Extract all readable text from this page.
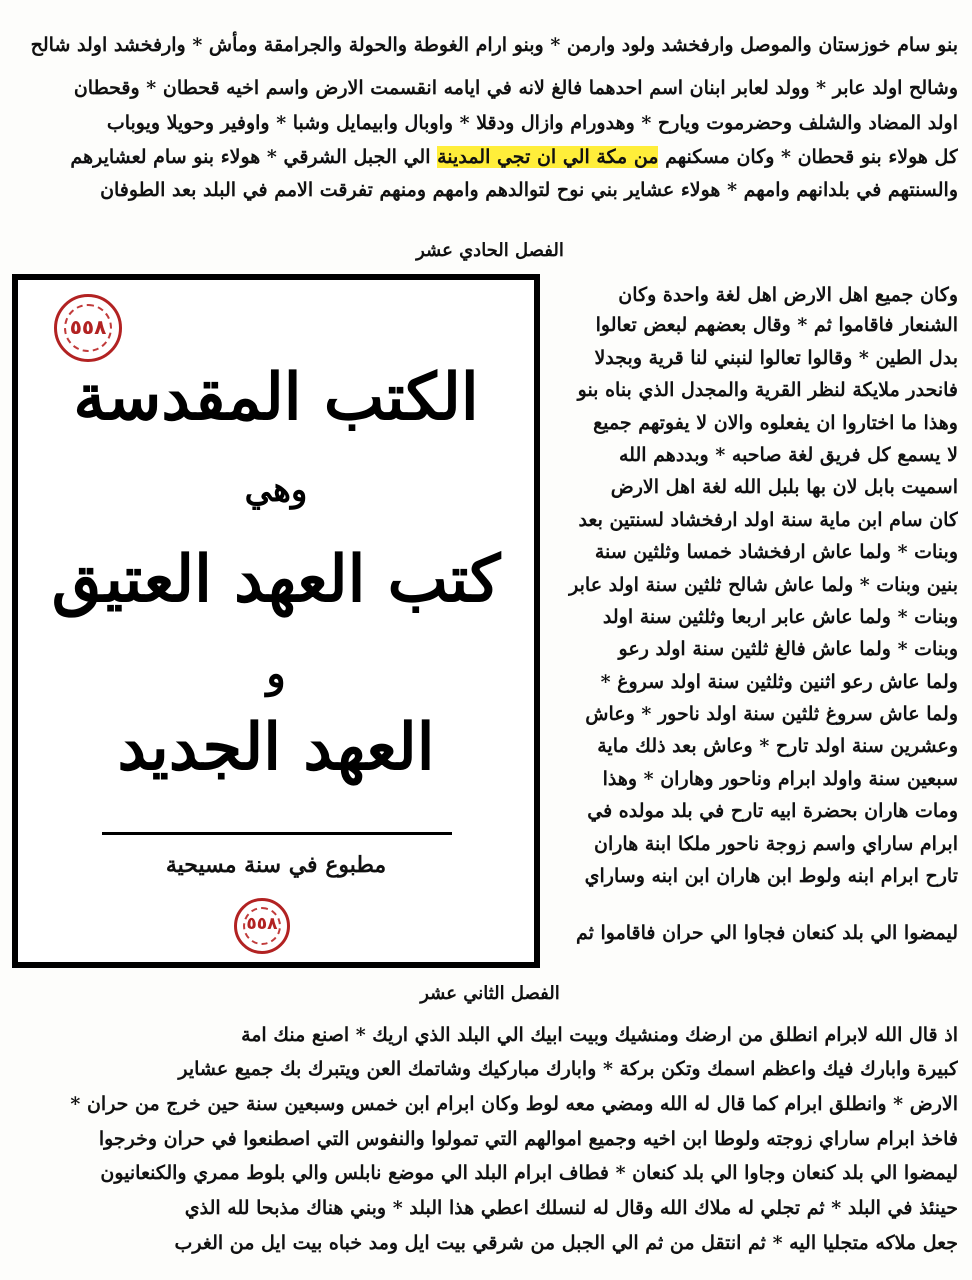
بنو سام خوزستان والموصل وارفخشد ولود وارمن * وبنو ارام الغوطة والحولة والجرامقة ومأش * وارفخشد اولد شالح
وشالح اولد عابر * وولد لعابر ابنان اسم احدهما فالغ لانه في ايامه انقسمت الارض واسم اخيه قحطان * وقحطان
اولد المضاد والشلف وحضرموت ويارح * وهدورام وازال ودقلا * واوبال وابيمايل وشبا * واوفير وحويلا ويوباب
كل هولاء بنو قحطان * وكان مسكنهم من مكة الي ان تجي المدينة الي الجبل الشرقي * هولاء بنو سام لعشايرهم
والسنتهم في بلدانهم وامهم * هولاء عشاير بني نوح لتوالدهم وامهم ومنهم تفرقت الامم في البلد بعد الطوفان
الفصل الحادي عشر
وكان جميع اهل الارض اهل لغة واحدة وكان
الشنعار فاقاموا ثم * وقال بعضهم لبعض تعالوا
بدل الطين * وقالوا تعالوا لنبني لنا قرية وبجدلا
فانحدر ملايكة لنظر القرية والمجدل الذي بناه بنو
وهذا ما اختاروا ان يفعلوه والان لا يفوتهم جميع
لا يسمع كل فريق لغة صاحبه * وبددهم الله
اسميت بابل لان بها بلبل الله لغة اهل الارض
كان سام ابن ماية سنة اولد ارفخشاد لسنتين بعد
وبنات * ولما عاش ارفخشاد خمسا وثلثين سنة
بنين وبنات * ولما عاش شالح ثلثين سنة اولد عابر
وبنات * ولما عاش عابر اربعا وثلثين سنة اولد
وبنات * ولما عاش فالغ ثلثين سنة اولد رعو
ولما عاش رعو اثنين وثلثين سنة اولد سروغ *
ولما عاش سروغ ثلثين سنة اولد ناحور * وعاش
وعشرين سنة اولد تارح * وعاش بعد ذلك ماية
سبعين سنة واولد ابرام وناحور وهاران * وهذا
ومات هاران بحضرة ابيه تارح في بلد مولده في
ابرام ساراي واسم زوجة ناحور ملكا ابنة هاران
تارح ابرام ابنه ولوط ابن هاران ابن ابنه وساراي
ليمضوا الي بلد كنعان فجاوا الي حران فاقاموا ثم
٥٥٨
الكتب المقدسة
وهي
كتب العهد العتيق
و
العهد الجديد
مطبوع في سنة مسيحية
٥٥٨
الفصل الثاني عشر
اذ قال الله لابرام انطلق من ارضك ومنشيك وبيت ابيك الي البلد الذي اريك * اصنع منك امة
كبيرة وابارك فيك واعظم اسمك وتكن بركة * وابارك مباركيك وشاتمك العن ويتبرك بك جميع عشاير
الارض * وانطلق ابرام كما قال له الله ومضي معه لوط وكان ابرام ابن خمس وسبعين سنة حين خرج من حران *
فاخذ ابرام ساراي زوجته ولوطا ابن اخيه وجميع اموالهم التي تمولوا والنفوس التي اصطنعوا في حران وخرجوا
ليمضوا الي بلد كنعان وجاوا الي بلد كنعان * فطاف ابرام البلد الي موضع نابلس والي بلوط ممري والكنعانيون
حينئذ في البلد * ثم تجلي له ملاك الله وقال له لنسلك اعطي هذا البلد * وبني هناك مذبحا لله الذي
جعل ملاكه متجليا اليه * ثم انتقل من ثم الي الجبل من شرقي بيت ايل ومد خباه بيت ايل من الغرب
